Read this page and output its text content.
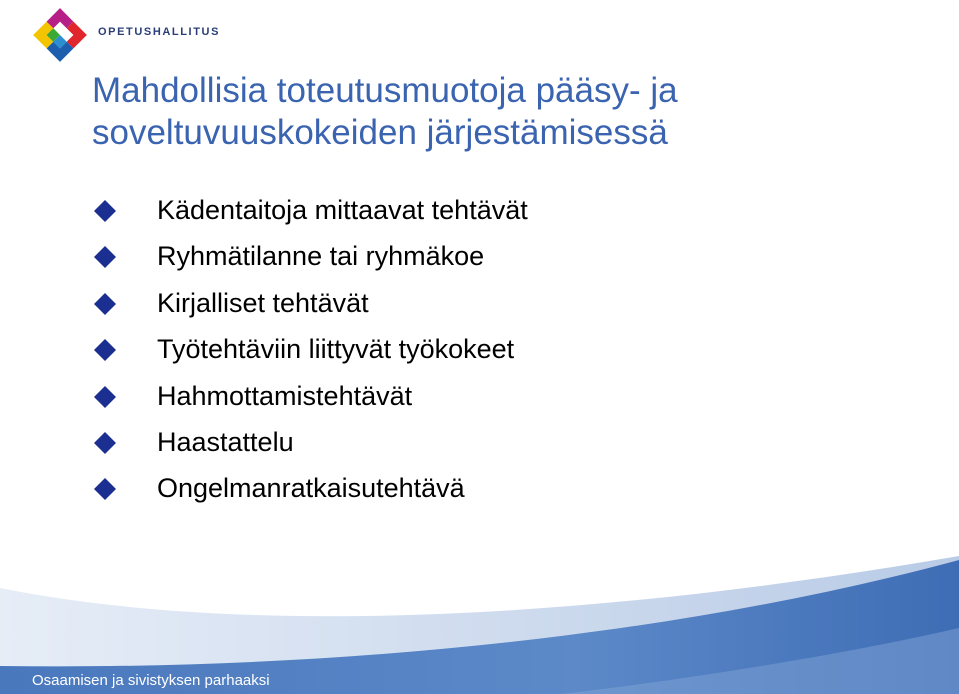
OPETUSHALLITUS
Mahdollisia toteutusmuotoja pääsy- ja
soveltuvuuskokeiden järjestämisessä
Kädentaitoja mittaavat tehtävät
Ryhmätilanne tai ryhmäkoe
Kirjalliset tehtävät
Työtehtäviin liittyvät työkokeet
Hahmottamistehtävät
Haastattelu
Ongelmanratkaisutehtävä
Osaamisen ja sivistyksen parhaaksi
